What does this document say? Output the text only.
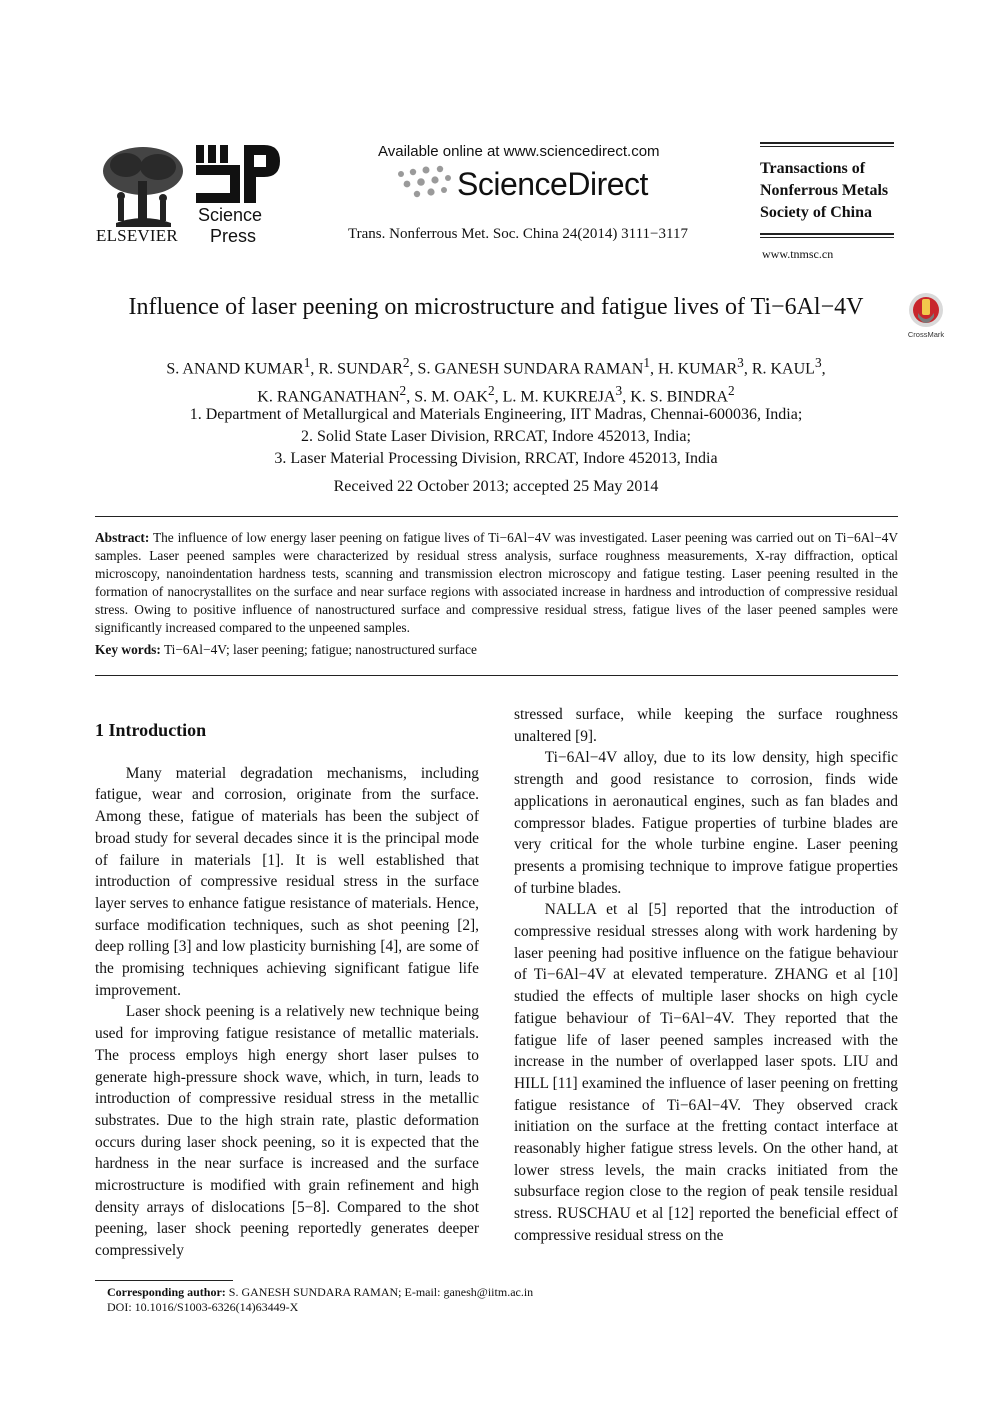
ELSEVIER
Science
Press
Available online at www.sciencedirect.com
ScienceDirect
Trans. Nonferrous Met. Soc. China 24(2014) 3111−3117
Transactions of
Nonferrous Metals
Society of China
www.tnmsc.cn
Influence of laser peening on microstructure and fatigue lives of Ti−6Al−4V
CrossMark
S. ANAND KUMAR$^1$, R. SUNDAR$^2$, S. GANESH SUNDARA RAMAN$^1$, H. KUMAR$^3$, R. KAUL$^3$,
K. RANGANATHAN$^2$, S. M. OAK$^2$, L. M. KUKREJA$^3$, K. S. BINDRA$^2$
1. Department of Metallurgical and Materials Engineering, IIT Madras, Chennai-600036, India;
2. Solid State Laser Division, RRCAT, Indore 452013, India;
3. Laser Material Processing Division, RRCAT, Indore 452013, India
Received 22 October 2013; accepted 25 May 2014
Abstract: The influence of low energy laser peening on fatigue lives of Ti−6Al−4V was investigated. Laser peening was carried out on Ti−6Al−4V samples. Laser peened samples were characterized by residual stress analysis, surface roughness measurements, X-ray diffraction, optical microscopy, nanoindentation hardness tests, scanning and transmission electron microscopy and fatigue testing. Laser peening resulted in the formation of nanocrystallites on the surface and near surface regions with associated increase in hardness and introduction of compressive residual stress. Owing to positive influence of nanostructured surface and compressive residual stress, fatigue lives of the laser peened samples were significantly increased compared to the unpeened samples.
Key words: Ti−6Al−4V; laser peening; fatigue; nanostructured surface
1 Introduction

Many material degradation mechanisms, including fatigue, wear and corrosion, originate from the surface. Among these, fatigue of materials has been the subject of broad study for several decades since it is the principal mode of failure in materials [1]. It is well established that introduction of compressive residual stress in the surface layer serves to enhance fatigue resistance of materials. Hence, surface modification techniques, such as shot peening [2], deep rolling [3] and low plasticity burnishing [4], are some of the promising techniques achieving significant fatigue life improvement.

Laser shock peening is a relatively new technique being used for improving fatigue resistance of metallic materials. The process employs high energy short laser pulses to generate high-pressure shock wave, which, in turn, leads to introduction of compressive residual stress in the metallic substrates. Due to the high strain rate, plastic deformation occurs during laser shock peening, so it is expected that the hardness in the near surface is increased and the surface microstructure is modified with grain refinement and high density arrays of dislocations [5−8]. Compared to the shot peening, laser shock peening reportedly generates deeper compressively

stressed surface, while keeping the surface roughness unaltered [9].

Ti−6Al−4V alloy, due to its low density, high specific strength and good resistance to corrosion, finds wide applications in aeronautical engines, such as fan blades and compressor blades. Fatigue properties of turbine blades are very critical for the whole turbine engine. Laser peening presents a promising technique to improve fatigue properties of turbine blades.

NALLA et al [5] reported that the introduction of compressive residual stresses along with work hardening by laser peening had positive influence on the fatigue behaviour of Ti−6Al−4V at elevated temperature. ZHANG et al [10] studied the effects of multiple laser shocks on high cycle fatigue behaviour of Ti−6Al−4V. They reported that the fatigue life of laser peened samples increased with the increase in the number of overlapped laser spots. LIU and HILL [11] examined the influence of laser peening on fretting fatigue resistance of Ti−6Al−4V. They observed crack initiation on the surface at the fretting contact interface at reasonably higher fatigue stress levels. On the other hand, at lower stress levels, the main cracks initiated from the subsurface region close to the region of peak tensile residual stress. RUSCHAU et al [12] reported the beneficial effect of compressive residual stress on the

Corresponding author: S. GANESH SUNDARA RAMAN; E-mail: ganesh@iitm.ac.in
DOI: 10.1016/S1003-6326(14)63449-X
